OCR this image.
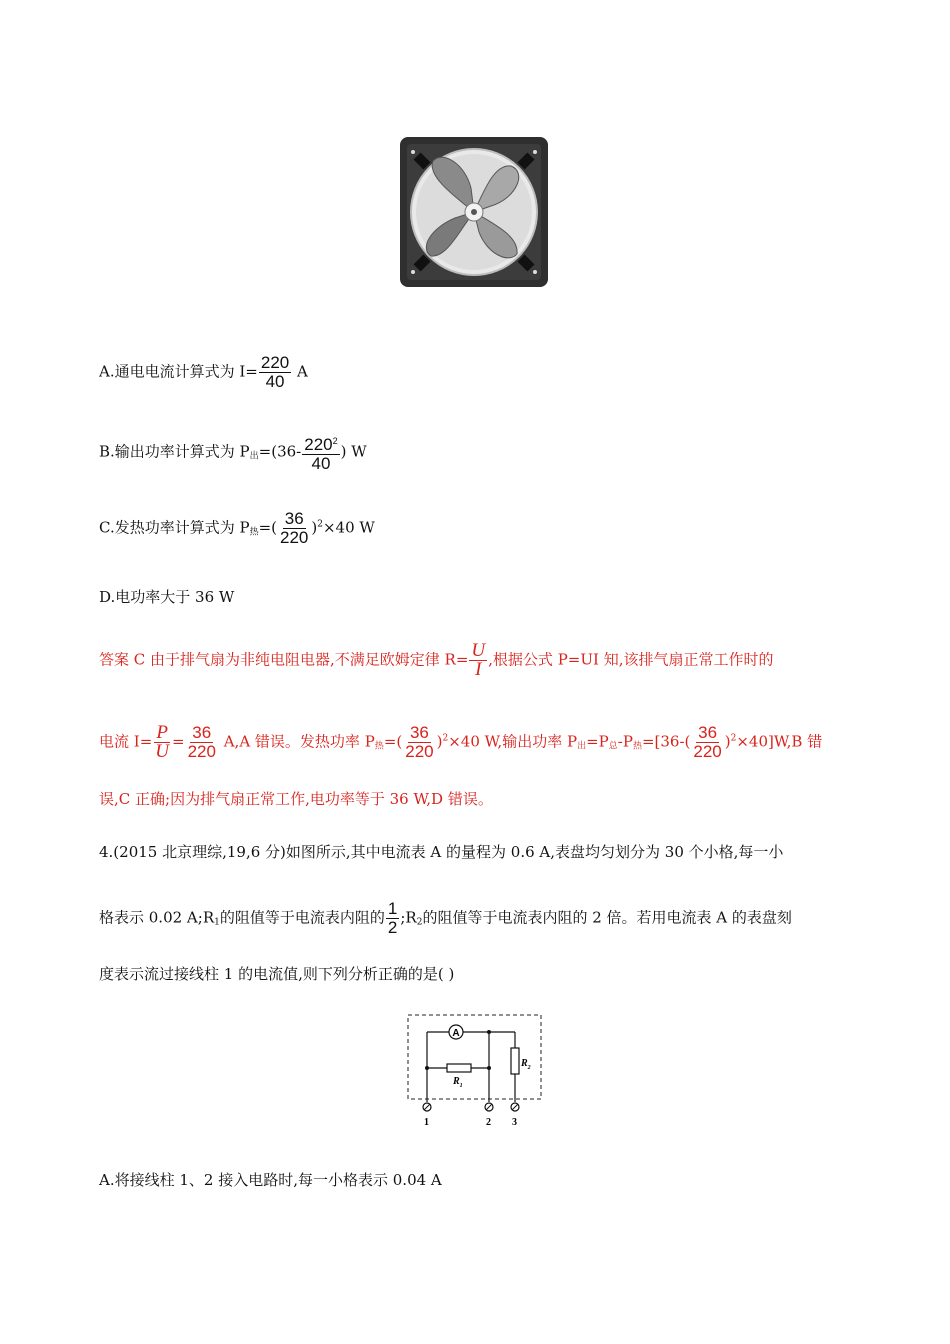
A.通电电流计算式为 $I= \frac{220}{40}$ A
B.输出功率计算式为 $P_出=(36- \frac{220^2}{40}$ ) W
C.发热功率计算式为 $P_热=( \frac{36}{220} )^2\times 40$ W
D.电功率大于 36 W
答案 C 由于排气扇为非纯电阻电器,不满足欧姆定律 $R= \frac{U}{I}$ ,根据公式 P=UI 知,该排气扇正常工作时的
电流 $I= \frac{P}{U} = \frac{36}{220} A,A$ 错误。发热功率 $P_热=( \frac{36}{220} )^2\times 40$ W,输出功率 $P_出=P_总-P_热=[36-( \frac{36}{220} )^2\times 40]W,B$ 错
误,C 正确;因为排气扇正常工作,电功率等于 36 W,D 错误。
4.(2015 北京理综,19,6 分)如图所示,其中电流表 A 的量程为 0.6 A,表盘均匀划分为 30 个小格,每一小
格表示 0.02 $A;R_1$的阻值等于电流表内阻的 $\frac{1}{2}$ $;R_2$的阻值等于电流表内阻的 2 倍。若用电流表 A 的表盘刻
度表示流过接线柱 1 的电流值,则下列分析正确的是( )
A
$R_1$
$R_2$
1	2 3
A.将接线柱 1、2 接入电路时,每一小格表示 0.04 A
